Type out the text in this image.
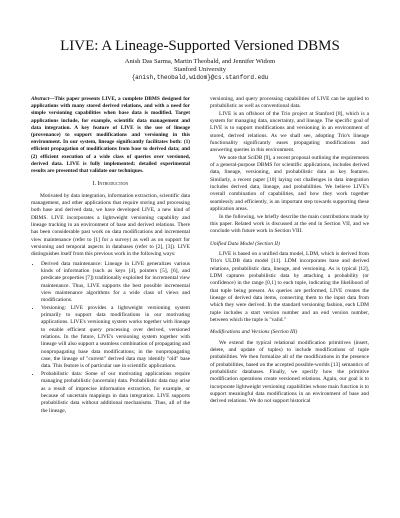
LIVE: A Lineage-Supported Versioned DBMS
Anish Das Sarma, Martin Theobald, and Jennifer Widom
Stanford University
{anish,theobald,widom}@cs.stanford.edu
Abstract—This paper presents LIVE, a complete DBMS designed for applications with many stored derived relations, and with a need for simple versioning capabilities when base data is modified. Target applications include, for example, scientific data management and data integration. A key feature of LIVE is the use of lineage (provenance) to support modifications and versioning in this environment. In our system, lineage significantly facilitates both: (1) efficient propagation of modifications from base to derived data; and (2) efficient execution of a wide class of queries over versioned, derived data. LIVE is fully implemented; detailed experimental results are presented that validate our techniques.
I. Introduction

Motivated by data integration, information extraction, scientific data management, and other applications that require storing and processing both base and derived data, we have developed LIVE, a new kind of DBMS. LIVE incorporates a lightweight versioning capability and lineage tracking in an environment of base and derived relations. There has been considerable past work on data modifications and incremental view maintenance (refer to [1] for a survey) as well as on support for versioning and temporal aspects in databases (refer to [2], [3]). LIVE distinguishes itself from this previous work in the following ways:

• Derived data maintenance: Lineage in LIVE generalizes various kinds of information (such as keys [4], pointers [5], [6], and predicate properties [7]) traditionally exploited for incremental view maintenance. Thus, LIVE supports the best possible incremental view maintenance algorithms for a wide class of views and modifications.
• Versioning: LIVE provides a lightweight versioning system primarily to support data modifications in our motivating applications. LIVE's versioning system works together with lineage to enable efficient query processing over derived, versioned relations. In the future, LIVE's versioning system together with lineage will also support a seamless combination of propagating and nonpropagating base data modifications; in the nonpropagating case, the lineage of "current" derived data may identify "old" base data. This feature is of particular use in scientific applications.
• Probabilistic data: Some of our motivating applications require managing probabilistic (uncertain) data. Probabilistic data may arise as a result of imprecise information extraction, for example, or because of uncertain mappings in data integration. LIVE supports probabilistic data without additional mechanisms. Thus, all of the the lineage,

versioning, and query processing capabilities of LIVE can be applied to probabilistic as well as conventional data.

LIVE is an offshoot of the Trio project at Stanford [8], which is a system for managing data, uncertainty, and lineage. The specific goal of LIVE is to support modifications and versioning in an environment of stored, derived relations. As we shall see, adopting Trio's lineage functionality significantly eases propagating modifications and answering queries in this environment.

We note that SciDB [9], a recent proposal outlining the requirements of a general-purpose DBMS for scientific applications, includes derived data, lineage, versioning, and probabilistic data as key features. Similarly, a recent paper [10] laying out challenges in data integration includes derived data, lineage, and probabilities. We believe LIVE's overall combination of capabilities, and how they work together seamlessly and efficiently, is an important step towards supporting these application areas.

In the following, we briefly describe the main contributions made by this paper. Related work is discussed at the end in Section VII, and we conclude with future work in Section VIII.

Unified Data Model (Section II)

LIVE is based on a unified data model, LDM, which is derived from Trio's ULDB data model [11]. LDM incorporates base and derived relations, probabilistic data, lineage, and versioning. As is typical [12], LDM captures probabilistic data by attaching a probability (or confidence) in the range [0,1] to each tuple, indicating the likelihood of that tuple being present. As queries are performed, LIVE creates the lineage of derived data items, connecting them to the input data from which they were derived. In the standard versioning fashion, each LDM tuple includes a start version number and an end version number, between which the tuple is "valid."

Modifications and Versions (Section III)

We extend the typical relational modification primitives (insert, delete, and update of tuples) to include modifications of tuple probabilities. We then formalize all of the modifications in the presence of probabilities, based on the accepted possible-worlds [13] semantics of probabilistic databases. Finally, we specify how the primitive modification operations create versioned relations. Again, our goal is to incorporate lightweight versioning capabilities whose main function is to support meaningful data modifications in an environment of base and derived relations. We do not support historical
